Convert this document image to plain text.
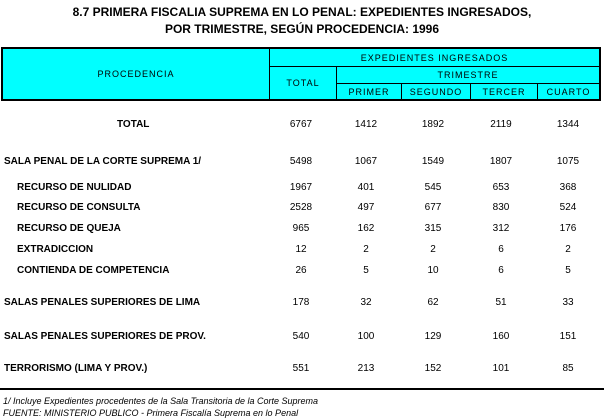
8.7 PRIMERA FISCALIA SUPREMA EN LO PENAL: EXPEDIENTES INGRESADOS,
POR TRIMESTRE, SEGÚN PROCEDENCIA: 1996
PROCEDENCIA
EXPEDIENTES INGRESADOS
TOTAL
TRIMESTRE
PRIMER	SEGUNDO	TERCER	CUARTO
TOTAL	6767	1412	1892	2119	1344
SALA PENAL DE LA CORTE SUPREMA 1/	5498	1067	1549	1807	1075
RECURSO DE NULIDAD	1967	401	545	653	368
RECURSO DE CONSULTA	2528	497	677	830	524
RECURSO DE QUEJA	965	162	315	312	176
EXTRADICCION	12	2	2	6	2
CONTIENDA DE COMPETENCIA	26	5	10	6	5
SALAS PENALES SUPERIORES DE LIMA	178	32	62	51	33
SALAS PENALES SUPERIORES DE PROV.	540	100	129	160	151
TERRORISMO (LIMA Y PROV.)	551	213	152	101	85
1/ Incluye Expedientes procedentes de la Sala Transitoria de la Corte Suprema
FUENTE: MINISTERIO PUBLICO - Primera Fiscalía Suprema en lo Penal
